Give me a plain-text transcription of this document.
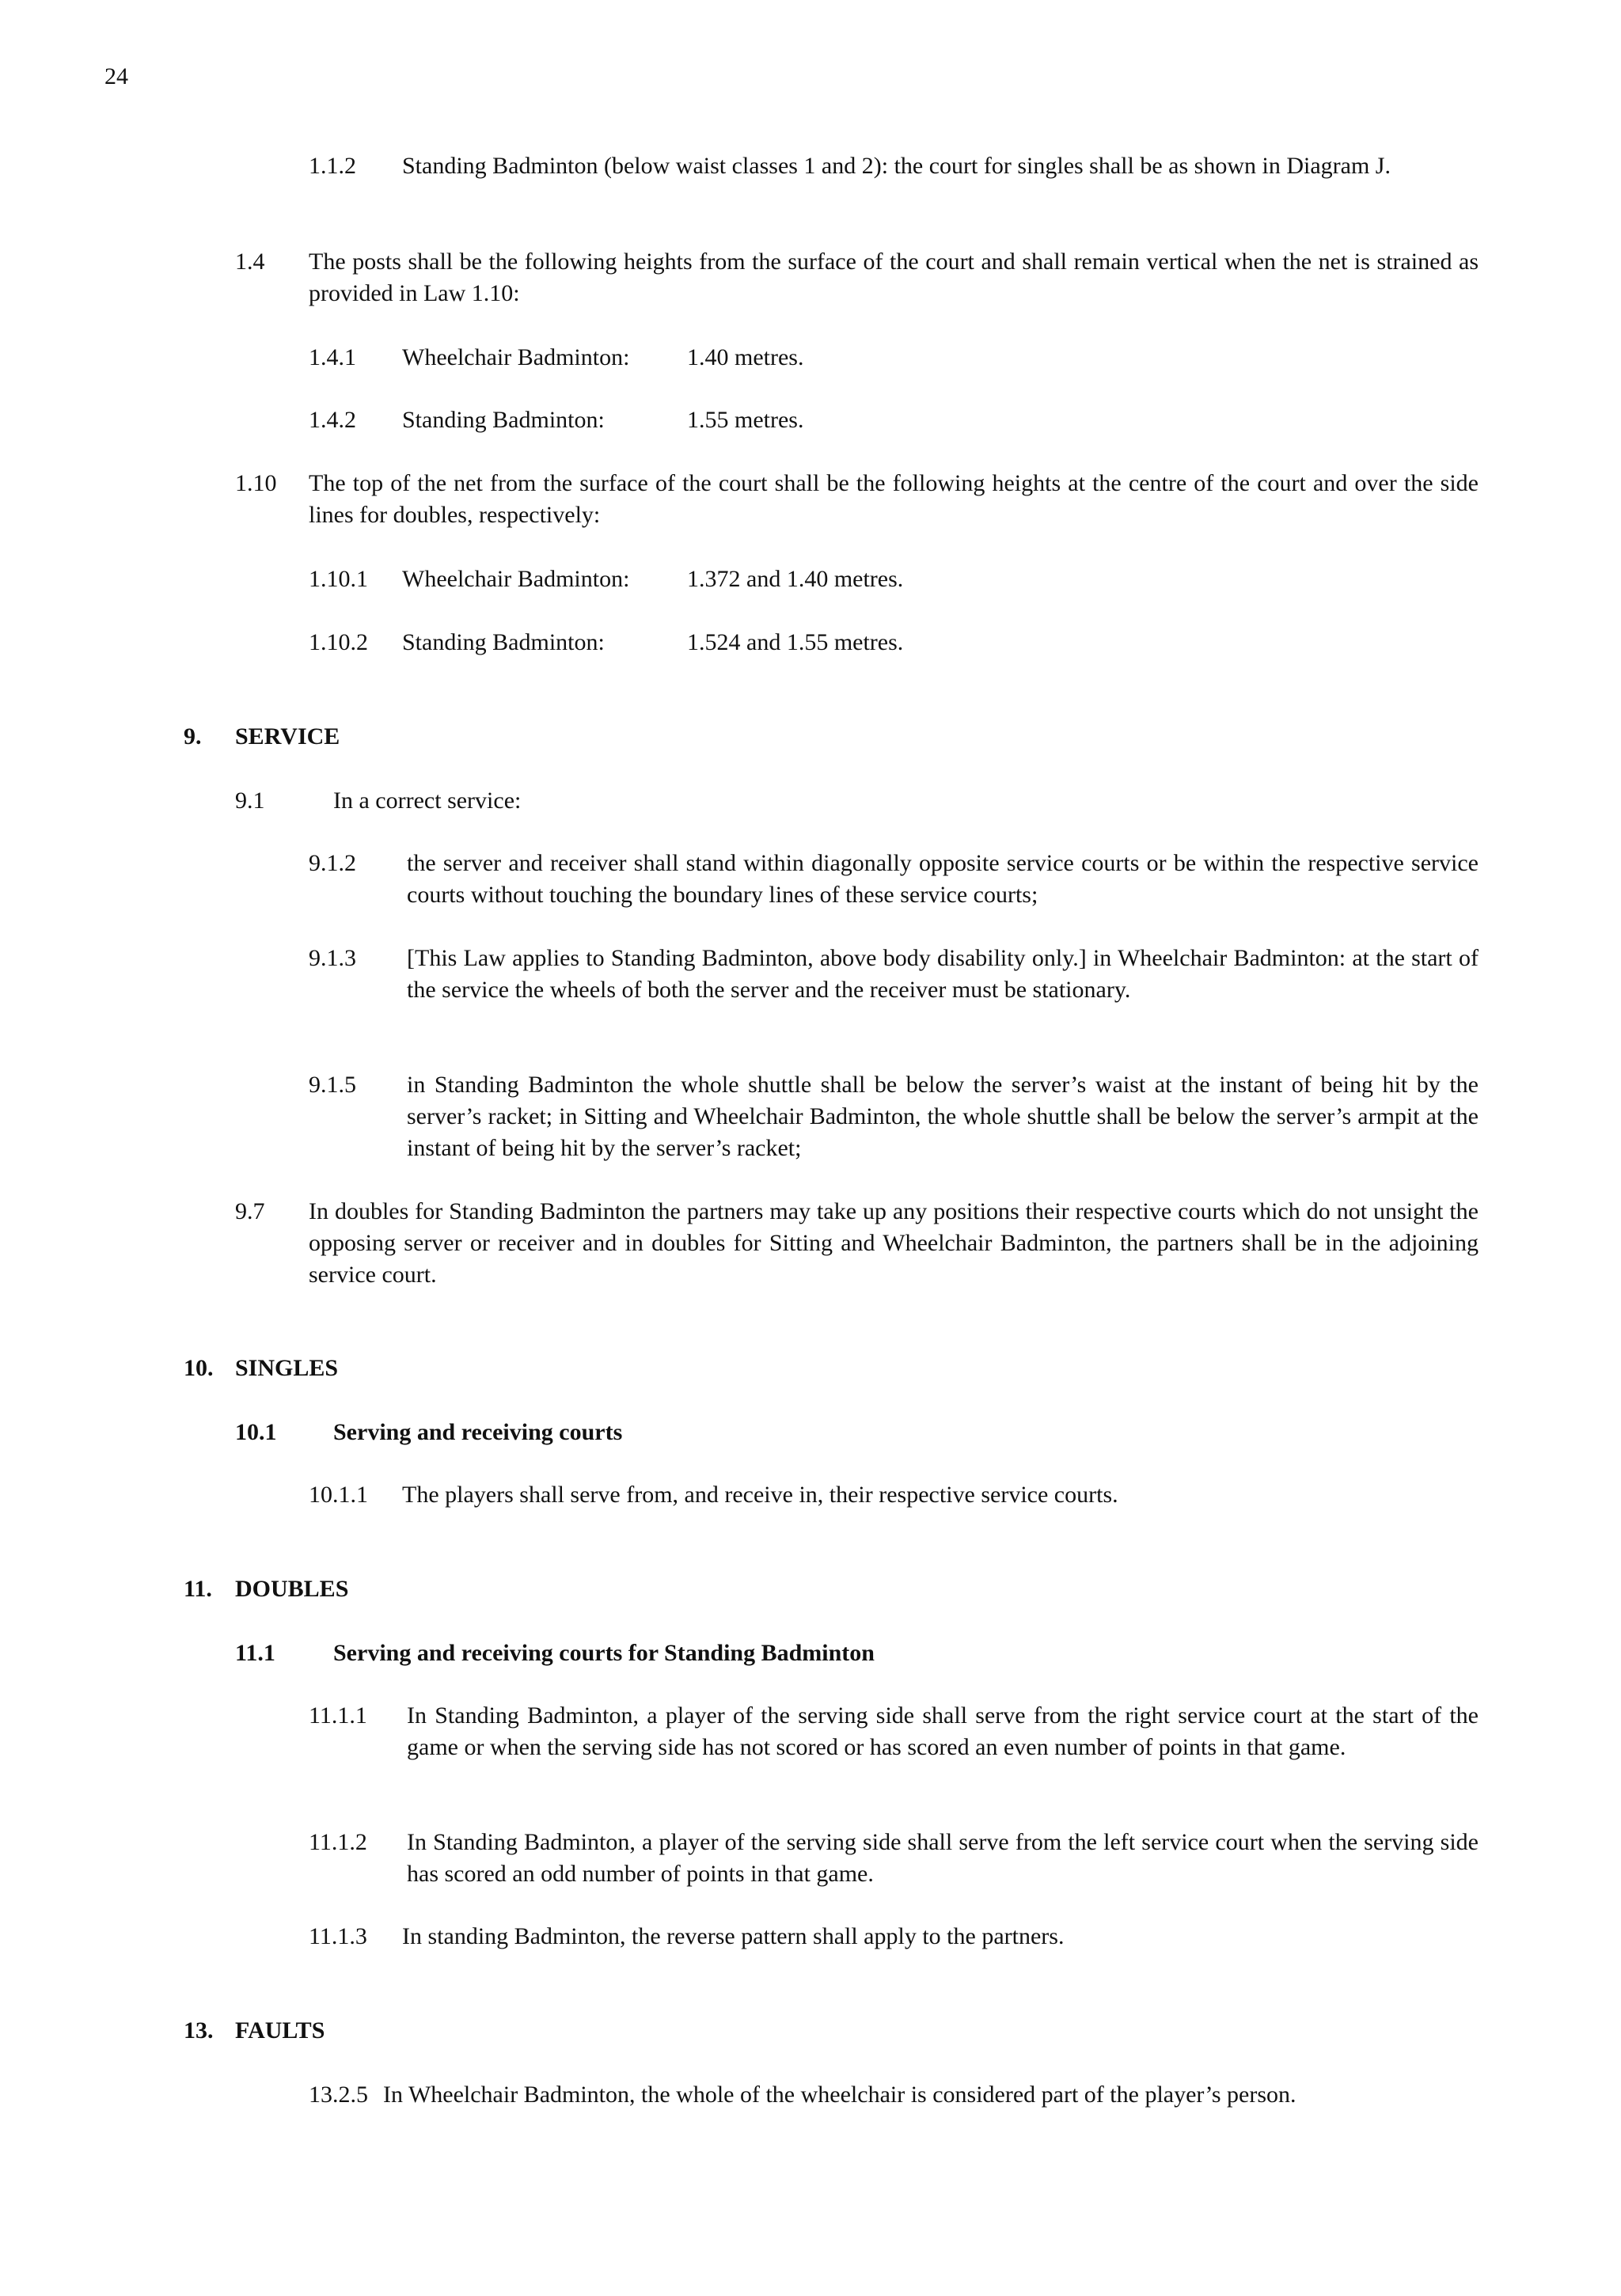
24
1.1.2 Standing Badminton (below waist classes 1 and 2): the court for singles shall be as shown in Diagram J.
1.4 The posts shall be the following heights from the surface of the court and shall remain vertical when the net is strained as provided in Law 1.10:
1.4.1 Wheelchair Badminton: 1.40 metres.
1.4.2 Standing Badminton:	1.55 metres.
1.10 The top of the net from the surface of the court shall be the following heights at the centre of the court and over the side lines for doubles, respectively:
1.10.1 Wheelchair Badminton: 1.372 and 1.40 metres.
1.10.2 Standing Badminton:	1.524 and 1.55 metres.
9. SERVICE
9.1	In a correct service:
9.1.2 the server and receiver shall stand within diagonally opposite service courts or be within the respective service courts without touching the boundary lines of these service courts;
9.1.3 [This Law applies to Standing Badminton, above body disability only.] in Wheelchair Badminton: at the start of the service the wheels of both the server and the receiver must be stationary.
9.1.5 in Standing Badminton the whole shuttle shall be below the server’s waist at the instant of being hit by the server’s racket; in Sitting and Wheelchair Badminton, the whole shuttle shall be below the server’s armpit at the instant of being hit by the server’s racket;
9.7 In doubles for Standing Badminton the partners may take up any positions their respective courts which do not unsight the opposing server or receiver and in doubles for Sitting and Wheelchair Badminton, the partners shall be in the adjoining service court.
10. SINGLES
10.1 Serving and receiving courts
10.1.1 The players shall serve from, and receive in, their respective service courts.
11. DOUBLES
11.1 Serving and receiving courts for Standing Badminton
11.1.1 In Standing Badminton, a player of the serving side shall serve from the right service court at the start of the game or when the serving side has not scored or has scored an even number of points in that game.
11.1.2 In Standing Badminton, a player of the serving side shall serve from the left service court when the serving side has scored an odd number of points in that game.
11.1.3 In standing Badminton, the reverse pattern shall apply to the partners.
13. FAULTS
13.2.5 In Wheelchair Badminton, the whole of the wheelchair is considered part of the player’s person.
